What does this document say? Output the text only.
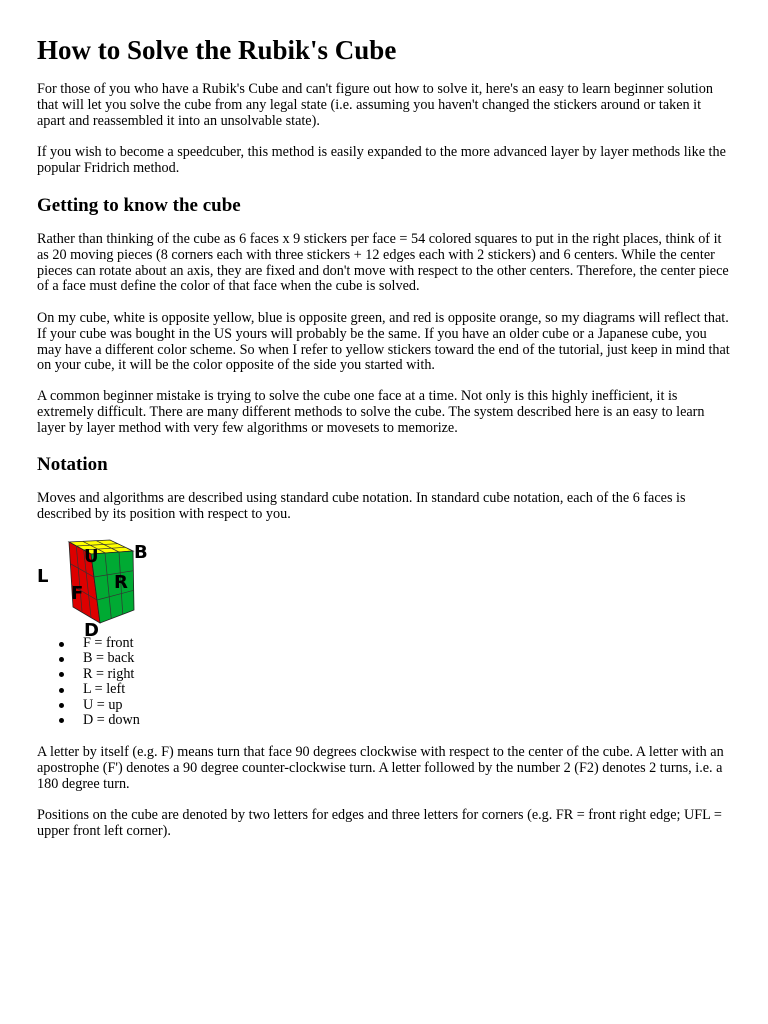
How to Solve the Rubik's Cube

For those of you who have a Rubik's Cube and can't figure out how to solve it, here's an easy to learn beginner solution that will let you solve the cube from any legal state (i.e. assuming you haven't changed the stickers around or taken it apart and reassembled it into an unsolvable state).

If you wish to become a speedcuber, this method is easily expanded to the more advanced layer by layer methods like the popular Fridrich method.

Getting to know the cube

Rather than thinking of the cube as 6 faces x 9 stickers per face = 54 colored squares to put in the right places, think of it as 20 moving pieces (8 corners each with three stickers + 12 edges each with 2 stickers) and 6 centers. While the center pieces can rotate about an axis, they are fixed and don't move with respect to the other centers. Therefore, the center piece of a face must define the color of that face when the cube is solved.

On my cube, white is opposite yellow, blue is opposite green, and red is opposite orange, so my diagrams will reflect that. If your cube was bought in the US yours will probably be the same. If you have an older cube or a Japanese cube, you may have a different color scheme. So when I refer to yellow stickers toward the end of the tutorial, just keep in mind that on your cube, it will be the color opposite of the side you started with.

A common beginner mistake is trying to solve the cube one face at a time. Not only is this highly inefficient, it is extremely difficult. There are many different methods to solve the cube. The system described here is an easy to learn layer by layer method with very few algorithms or movesets to memorize.

Notation

Moves and algorithms are described using standard cube notation. In standard cube notation, each of the 6 faces is described by its position with respect to you.

U B
L	R
F
D
F = front
B = back
R = right
L = left
U = up
D = down

A letter by itself (e.g. F) means turn that face 90 degrees clockwise with respect to the center of the cube. A letter with an apostrophe (F') denotes a 90 degree counter-clockwise turn. A letter followed by the number 2 (F2) denotes 2 turns, i.e. a 180 degree turn.

Positions on the cube are denoted by two letters for edges and three letters for corners (e.g. FR = front right edge; UFL = upper front left corner).
